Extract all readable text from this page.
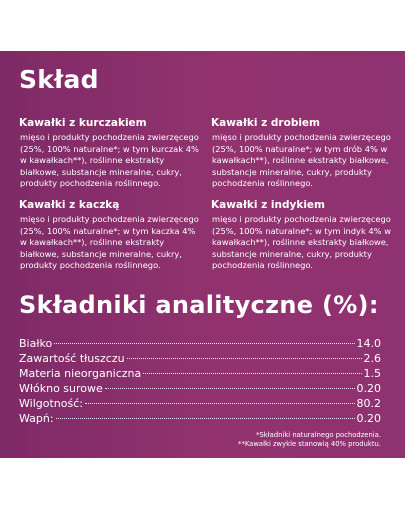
Skład

Kawałki z kurczakiem

mięso i produkty pochodzenia zwierzęcego (25%, 100% naturalne*; w tym kurczak 4% w kawałkach**), roślinne ekstrakty białkowe, substancje mineralne, cukry, produkty pochodzenia roślinnego.

Kawałki z drobiem

mięso i produkty pochodzenia zwierzęcego (25%, 100% naturalne*; w tym drób 4% w kawałkach**), roślinne ekstrakty białkowe, substancje mineralne, cukry, produkty pochodzenia roślinnego.

Kawałki z kaczką

mięso i produkty pochodzenia zwierzęcego (25%, 100% naturalne*; w tym kaczka 4% w kawałkach**), roślinne ekstrakty białkowe, substancje mineralne, cukry, produkty pochodzenia roślinnego.

Kawałki z indykiem

mięso i produkty pochodzenia zwierzęcego (25%, 100% naturalne*; w tym indyk 4% w kawałkach**), roślinne ekstrakty białkowe, substancje mineralne, cukry, produkty pochodzenia roślinnego.

Składniki analityczne (%):
Białko	14.0
Zawartość tłuszczu	2.6
Materia nieorganiczna	1.5
Włókno surowe	0.20
Wilgotność:	80.2
Wapń:	0.20

*Składniki naturalnego pochodzenia.

**Kawałki zwykle stanowią 40% produktu.
